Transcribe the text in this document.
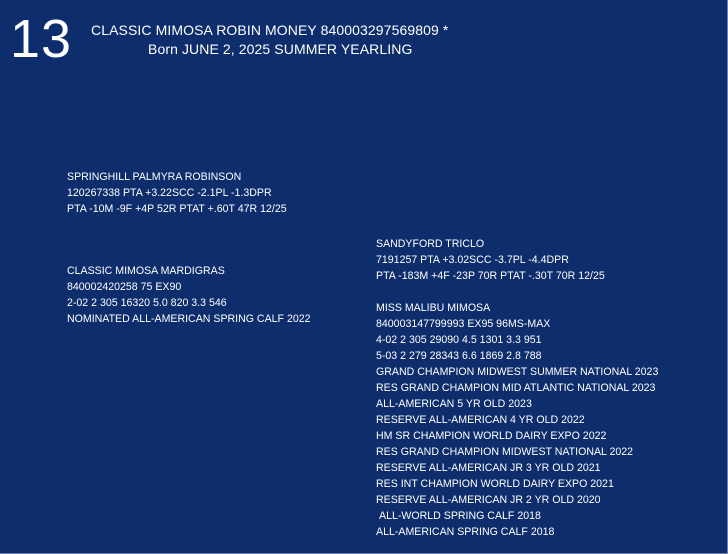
13 CLASSIC MIMOSA ROBIN MONEY 840003297569809 *
Born JUNE 2, 2025 SUMMER YEARLING
SPRINGHILL PALMYRA ROBINSON
120267338 PTA +3.22SCC -2.1PL -1.3DPR
PTA -10M -9F +4P 52R PTAT +.60T 47R 12/25
CLASSIC MIMOSA MARDIGRAS
840002420258 75 EX90
2-02 2 305 16320 5.0 820 3.3 546
NOMINATED ALL-AMERICAN SPRING CALF 2022
SANDYFORD TRICLO
7191257 PTA +3.02SCC -3.7PL -4.4DPR
PTA -183M +4F -23P 70R PTAT -.30T 70R 12/25
MISS MALIBU MIMOSA
840003147799993 EX95 96MS-MAX
4-02 2 305 29090 4.5 1301 3.3 951
5-03 2 279 28343 6.6 1869 2.8 788
GRAND CHAMPION MIDWEST SUMMER NATIONAL 2023
RES GRAND CHAMPION MID ATLANTIC NATIONAL 2023
ALL-AMERICAN 5 YR OLD 2023
RESERVE ALL-AMERICAN 4 YR OLD 2022
HM SR CHAMPION WORLD DAIRY EXPO 2022
RES GRAND CHAMPION MIDWEST NATIONAL 2022
RESERVE ALL-AMERICAN JR 3 YR OLD 2021
RES INT CHAMPION WORLD DAIRY EXPO 2021
RESERVE ALL-AMERICAN JR 2 YR OLD 2020
ALL-WORLD SPRING CALF 2018
ALL-AMERICAN SPRING CALF 2018
